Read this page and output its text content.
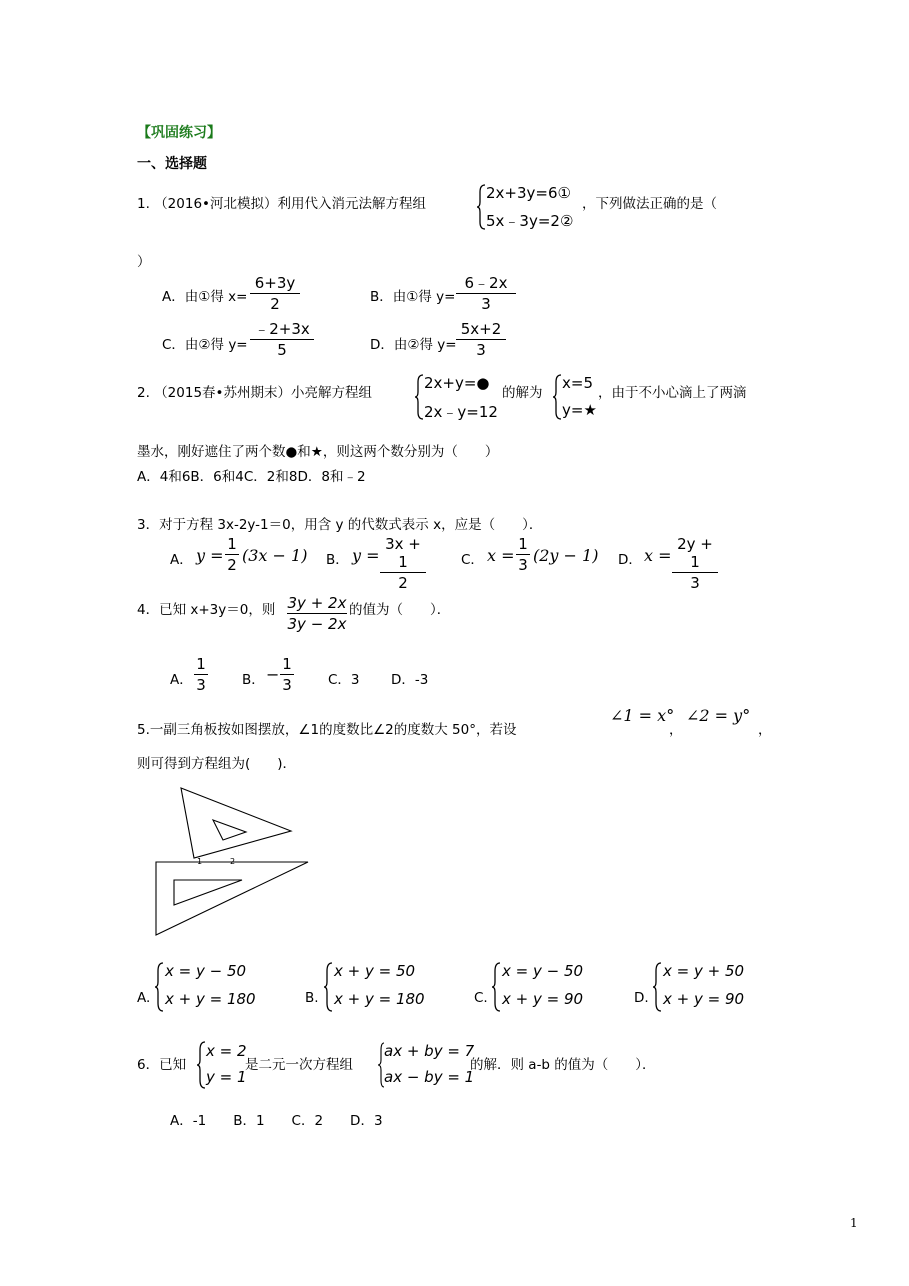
【巩固练习】
一、选择题
1. （2016•河北模拟）利用代入消元法解方程组
2x+3y=6①
5x﹣3y=2②
，下列做法正确的是（
）
A．由①得 x=
6+3y
2	B．由①得 y=
6﹣2x
3
C．由②得 y=
﹣2+3x
5	D．由②得 y=
5x+2
3
2. （2015春•苏州期末）小亮解方程组
2x+y=●
2x﹣y=12
的解为
x=5
y=★
，由于不小心滴上了两滴
墨水，刚好遮住了两个数●和★，则这两个数分别为（　　）
A．4和6B．6和4C．2和8D．8和﹣2
3．对于方程 3x-2y-1＝0，用含 y 的代数式表示 x，应是（　　）．
A． y =
1
2 (3x − 1) B． y =
3x + 1
2
C． x =
1
3 (2y − 1) D． x =
2y + 1
3
4．已知 x+3y＝0，则 3y + 2x
3y − 2x
的值为（　　）．
A．
1
3	B． −
1
3	C．3 D．-3
5.一副三角板按如图摆放，∠1的度数比∠2的度数大 50°，若设
∠1 = x°
，
∠2 = y°
，
则可得到方程组为(　　)．
1	2
A.
x = y − 50
x + y = 180	B.
x + y = 50
x + y = 180	C.
x = y − 50
x + y = 90	D.
x = y + 50
x + y = 90
6．已知
x = 2
y = 1
是二元一次方程组
ax + by = 7
ax − by = 1
的解．则 a-b 的值为（　　）．
A．-1　　B．1　　C．2　　D．3
1
